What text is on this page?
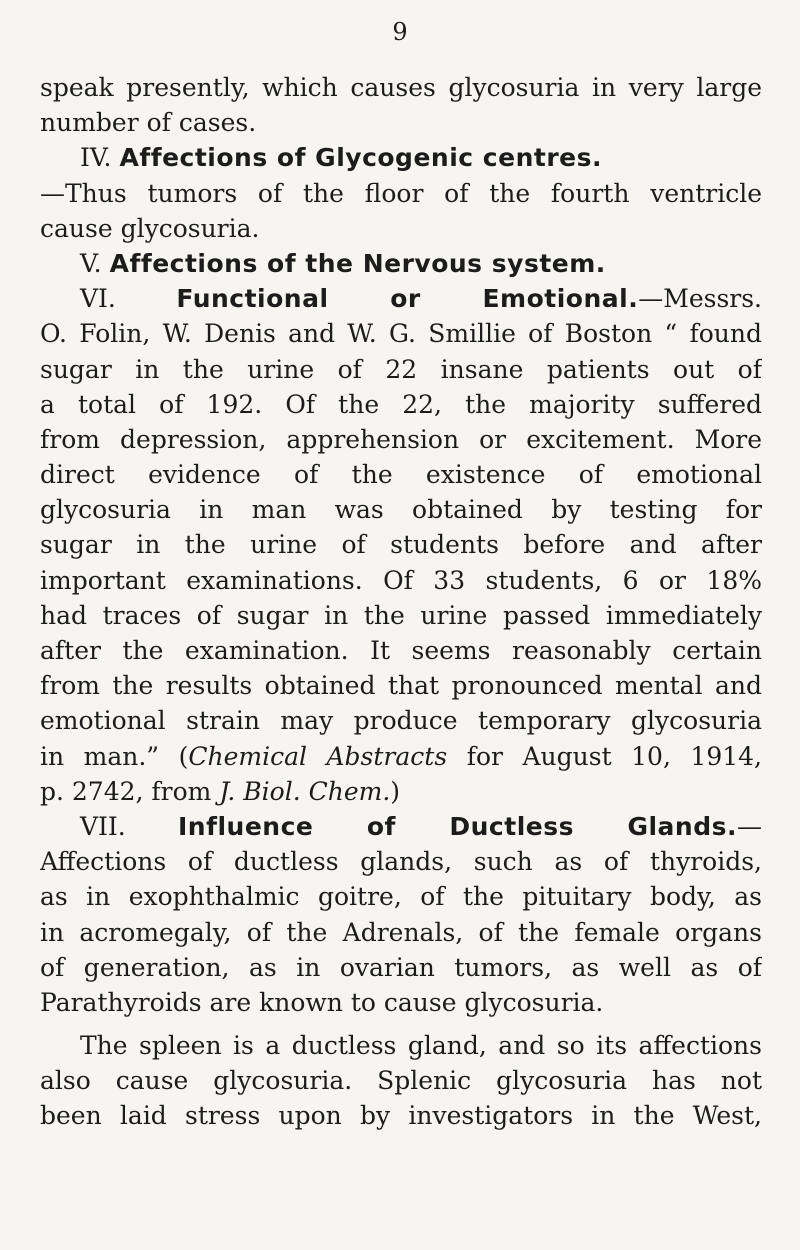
9
speak presently, which causes glycosuria in very large
number of cases.
IV. Affections of Glycogenic centres.
—Thus tumors of the floor of the fourth ventricle
cause glycosuria.
V. Affections of the Nervous system.
VI. Functional or Emotional.—Messrs.
O. Folin, W. Denis and W. G. Smillie of Boston “ found
sugar in the urine of 22 insane patients out of
a total of 192. Of the 22, the majority suffered
from depression, apprehension or excitement. More
direct evidence of the existence of emotional
glycosuria in man was obtained by testing for
sugar in the urine of students before and after
important examinations. Of 33 students, 6 or 18%
had traces of sugar in the urine passed immediately
after the examination. It seems reasonably certain
from the results obtained that pronounced mental and
emotional strain may produce temporary glycosuria
in man.” (Chemical Abstracts for August 10, 1914,
p. 2742, from J. Biol. Chem.)
VII. Influence of Ductless Glands.—
Affections of ductless glands, such as of thyroids,
as in exophthalmic goitre, of the pituitary body, as
in acromegaly, of the Adrenals, of the female organs
of generation, as in ovarian tumors, as well as of
Parathyroids are known to cause glycosuria.
The spleen is a ductless gland, and so its affections
also cause glycosuria. Splenic glycosuria has not
been laid stress upon by investigators in the West,
